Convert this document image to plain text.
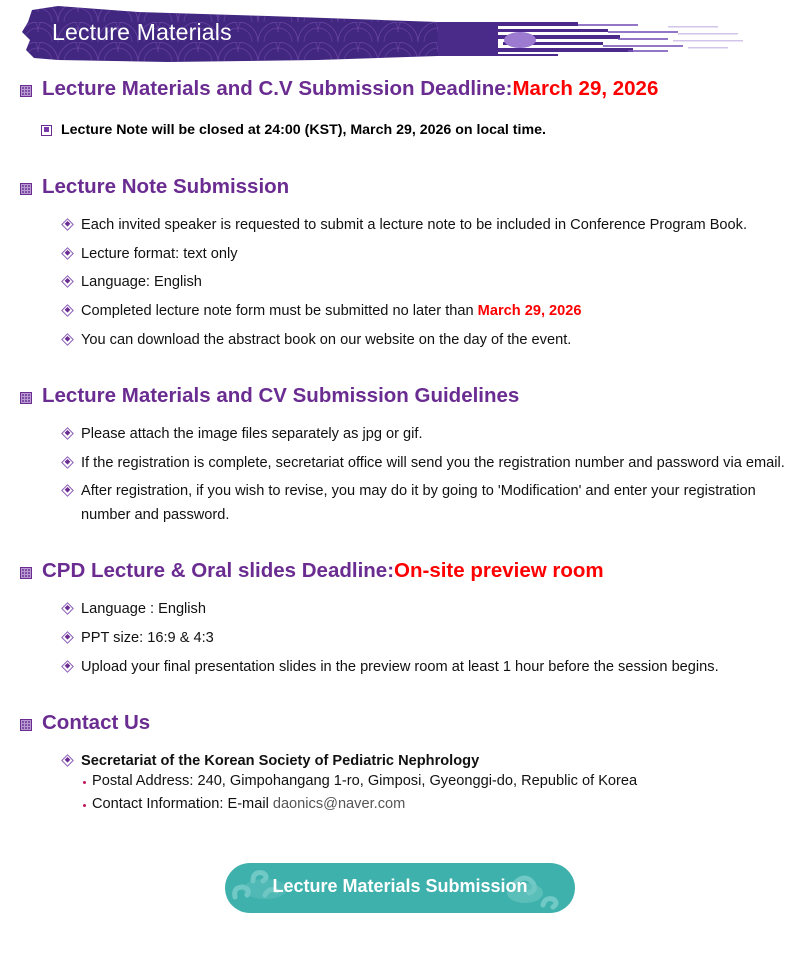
Lecture Materials
Lecture Materials and C.V Submission Deadline: March 29, 2026
Lecture Note will be closed at 24:00 (KST), March 29, 2026 on local time.
Lecture Note Submission
Each invited speaker is requested to submit a lecture note to be included in Conference Program Book.
Lecture format: text only
Language: English
Completed lecture note form must be submitted no later than March 29, 2026
You can download the abstract book on our website on the day of the event.
Lecture Materials and CV Submission Guidelines
Please attach the image files separately as jpg or gif.
If the registration is complete, secretariat office will send you the registration number and password via email.
After registration, if you wish to revise, you may do it by going to 'Modification' and enter your registration number and password.
CPD Lecture & Oral slides Deadline: On-site preview room
Language : English
PPT size: 16:9 & 4:3
Upload your final presentation slides in the preview room at least 1 hour before the session begins.
Contact Us
Secretariat of the Korean Society of Pediatric Nephrology
Postal Address: 240, Gimpohangang 1-ro, Gimposi, Gyeonggi-do, Republic of Korea
Contact Information: E-mail daonics@naver.com
Lecture Materials Submission
